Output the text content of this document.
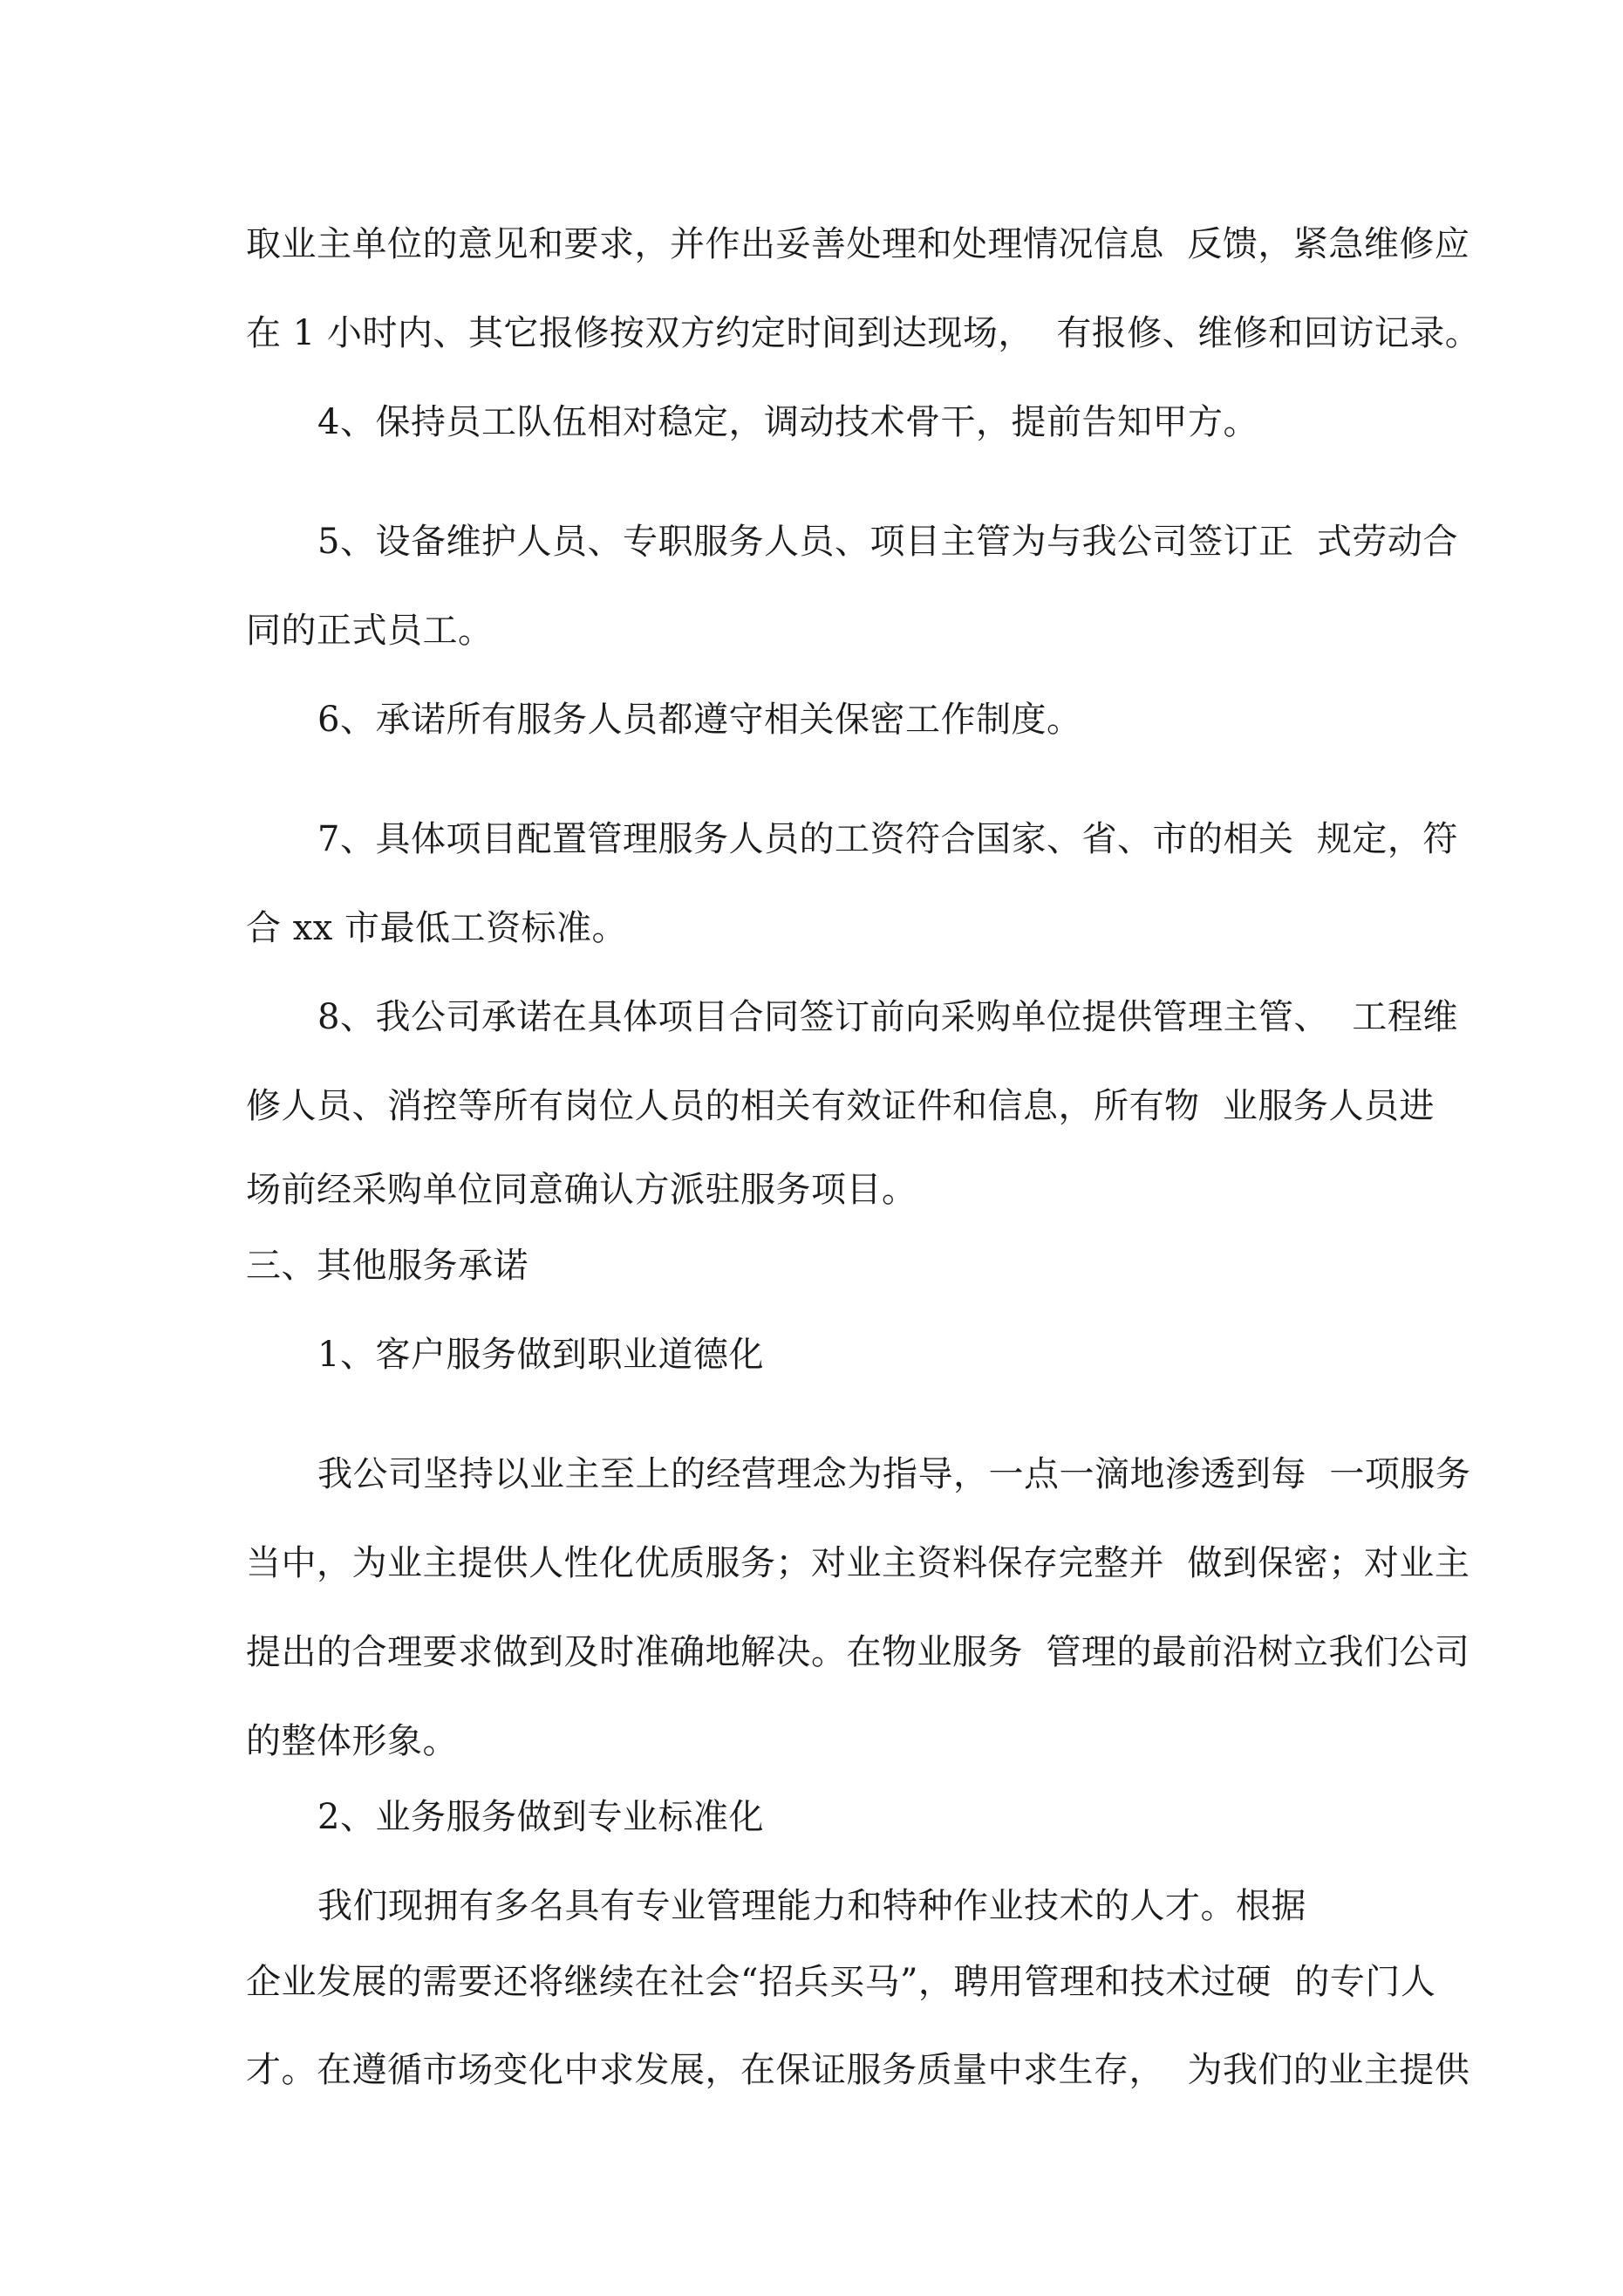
取业主单位的意见和要求，并作出妥善处理和处理情况信息  反馈，紧急维修应

在 1 小时内、其它报修按双方约定时间到达现场，  有报修、维修和回访记录。

4、保持员工队伍相对稳定，调动技术骨干，提前告知甲方。

5、设备维护人员、专职服务人员、项目主管为与我公司签订正  式劳动合

同的正式员工。

6、承诺所有服务人员都遵守相关保密工作制度。

7、具体项目配置管理服务人员的工资符合国家、省、市的相关  规定，符

合 xx 市最低工资标准。

8、我公司承诺在具体项目合同签订前向采购单位提供管理主管、  工程维

修人员、消控等所有岗位人员的相关有效证件和信息，所有物  业服务人员进

场前经采购单位同意确认方派驻服务项目。

三、其他服务承诺

1、客户服务做到职业道德化

我公司坚持以业主至上的经营理念为指导，一点一滴地渗透到每  一项服务

当中，为业主提供人性化优质服务；对业主资料保存完整并  做到保密；对业主

提出的合理要求做到及时准确地解决。在物业服务  管理的最前沿树立我们公司

的整体形象。

2、业务服务做到专业标准化

我们现拥有多名具有专业管理能力和特种作业技术的人才。根据

企业发展的需要还将继续在社会“招兵买马”，聘用管理和技术过硬  的专门人

才。在遵循市场变化中求发展，在保证服务质量中求生存，  为我们的业主提供
